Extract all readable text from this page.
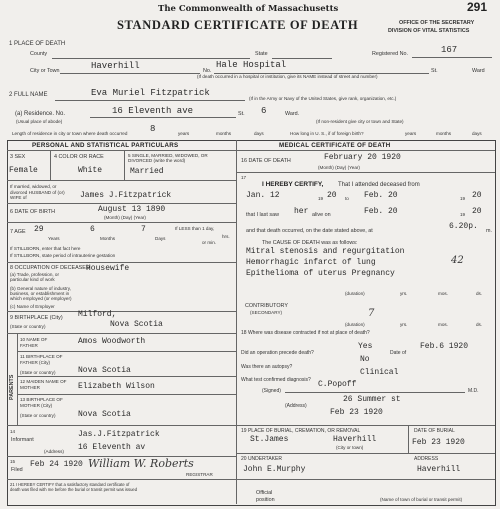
The Commonwealth of Massachusetts
STANDARD CERTIFICATE OF DEATH	OFFICE OF THE SECRETARY
DIVISION OF VITAL STATISTICS
291
1 PLACE OF DEATH
County	State	Registered No.	167
City or Town	Haverhill	No.
Hale Hospital
St.	Ward
(If death occurred in a hospital or institution, give its NAME instead of street and number)
2 FULL NAME	Eva Muriel Fitzpatrick
(If in the Army or Navy of the United States, give rank, organization, etc.)
(a) Residence. No.
(Usual place of abode)
16 Eleventh ave	St. 6	Ward.
(If non-resident give city or town and State)
Length of residence in city or town where death occurred	8	years	months	days	How long in U. S., if of foreign birth?	years	months	days
PERSONAL AND STATISTICAL PARTICULARS	MEDICAL CERTIFICATE OF DEATH
3 SEX
Female
4 COLOR OR RACE
White
5 SINGLE, MARRIED, WIDOWED, OR DIVORCED (write the word)
Married
If married, widowed, or divorced HUSBAND of (or) WIFE of	James J.Fitzpatrick
6 DATE OF BIRTH	August 13 1890
(Month) (Day) (Year)
7 AGE 29	6	7
Years	Months	Days
If LESS than 1 day,
hrs.
or min.
If STILLBORN, enter that fact here
If STILLBORN, state period of intrauterine gestation
8 OCCUPATION OF DECEASED
(a) Trade, profession, or particular kind of work
Housewife
(b) General nature of industry, business, or establishment in which employed (or employer)
(c) Name of Employer
9 BIRTHPLACE (City) Milford,
Nova Scotia
(State or country)
PARENTS
10 NAME OF FATHER	Amos Woodworth
11 BIRTHPLACE OF FATHER (City)
(State or country)	Nova Scotia
12 MAIDEN NAME OF MOTHER	Elizabeth Wilson
13 BIRTHPLACE OF MOTHER (City)
(State or country)	Nova Scotia
14
Informant
Jas.J.Fitzpatrick
(Address) 16 Eleventh av
15
Filed
Feb 24 1920 William W. Roberts
REGISTRAR
21 I HEREBY CERTIFY that a satisfactory standard certificate of death was filed with me before the burial or transit permit was issued
16 DATE OF DEATH	February 20 1920
(Month) (Day) (Year)
17
I HEREBY CERTIFY, That I attended deceased from
Jan. 12	19 20 to Feb. 20	19 20
that I last saw her alive on	Feb. 20	19 20
and that death occurred, on the date stated above, at	6.20p. m.
The CAUSE OF DEATH was as follows:
Mitral stenosis and regurgitation
Hemorrhagic infarct of lung	42
Epithelioma of uterus Pregnancy
(duration)	yrs.	mos.	ds.
CONTRIBUTORY
(SECONDARY)	7
(duration)	yrs.	mos.	ds.
18 Where was disease contracted if not at place of death?
Did an operation precede death?
Yes
Date of
Feb.6 1920
Was there an autopsy?
No
What test confirmed diagnosis?
Clinical
(Signed)
C.Popoff
M.D.
(Address)
26 Summer st
Feb 23 1920
19 PLACE OF BURIAL, CREMATION, OR REMOVAL
St.James	Haverhill
(City or town)
DATE OF BURIAL
Feb 23 1920
20 UNDERTAKER
John E.Murphy
ADDRESS
Haverhill
Official
position	(Name of town of burial or transit permit)
